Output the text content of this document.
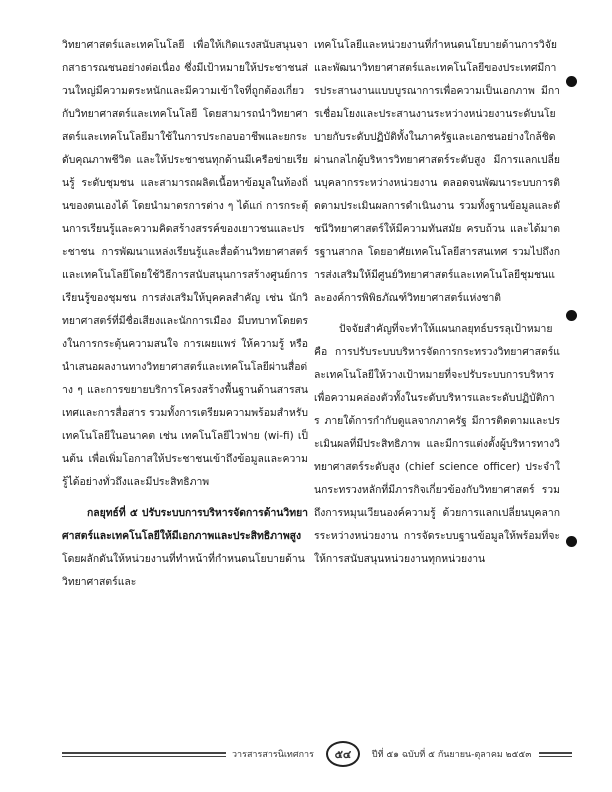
วิทยาศาสตร์และเทคโนโลยี เพื่อให้เกิดแรงสนับสนุนจากสาธารณชนอย่างต่อเนื่อง ซึ่งมีเป้าหมายให้ประชาชนส่วนใหญ่มีความตระหนักและมีความเข้าใจที่ถูกต้องเกี่ยวกับวิทยาศาสตร์และเทคโนโลยี โดยสามารถนำวิทยาศาสตร์และเทคโนโลยีมาใช้ในการประกอบอาชีพและยกระดับคุณภาพชีวิต และให้ประชาชนทุกด้านมีเครือข่ายเรียนรู้ ระดับชุมชน และสามารถผลิตเนื้อหาข้อมูลในท้องถิ่นของตนเองได้ โดยนำมาตรการต่าง ๆ ได้แก่ การกระตุ้นการเรียนรู้และความคิดสร้างสรรค์ของเยาวชนและประชาชน การพัฒนาแหล่งเรียนรู้และสื่อด้านวิทยาศาสตร์และเทคโนโลยีโดยใช้วิธีการสนับสนุนการสร้างศูนย์การเรียนรู้ของชุมชน การส่งเสริมให้บุคคลสำคัญ เช่น นักวิทยาศาสตร์ที่มีชื่อเสียงและนักการเมือง มีบทบาทโดยตรงในการกระตุ้นความสนใจ การเผยแพร่ ให้ความรู้ หรือนำเสนอผลงานทางวิทยาศาสตร์และเทคโนโลยีผ่านสื่อต่าง ๆ และการขยายบริการโครงสร้างพื้นฐานด้านสารสนเทศและการสื่อสาร รวมทั้งการเตรียมความพร้อมสำหรับเทคโนโลยีในอนาคต เช่น เทคโนโลยีไวฟาย (wi-fi) เป็นต้น เพื่อเพิ่มโอกาสให้ประชาชนเข้าถึงข้อมูลและความรู้ได้อย่างทั่วถึงและมีประสิทธิภาพ

กลยุทธ์ที่ ๕ ปรับระบบการบริหารจัดการด้านวิทยาศาสตร์และเทคโนโลยีให้มีเอกภาพและประสิทธิภาพสูง โดยผลักดันให้หน่วยงานที่ทำหน้าที่กำหนดนโยบายด้านวิทยาศาสตร์และ

เทคโนโลยีและหน่วยงานที่กำหนดนโยบายด้านการวิจัยและพัฒนาวิทยาศาสตร์และเทคโนโลยีของประเทศมีการประสานงานแบบบูรณาการเพื่อความเป็นเอกภาพ มีการเชื่อมโยงและประสานงานระหว่างหน่วยงานระดับนโยบายกับระดับปฏิบัติทั้งในภาครัฐและเอกชนอย่างใกล้ชิดผ่านกลไกผู้บริหารวิทยาศาสตร์ระดับสูง มีการแลกเปลี่ยนบุคลากรระหว่างหน่วยงาน ตลอดจนพัฒนาระบบการติดตามประเมินผลการดำเนินงาน รวมทั้งฐานข้อมูลและดัชนีวิทยาศาสตร์ให้มีความทันสมัย ครบถ้วน และได้มาตรฐานสากล โดยอาศัยเทคโนโลยีสารสนเทศ รวมไปถึงการส่งเสริมให้มีศูนย์วิทยาศาสตร์และเทคโนโลยีชุมชนและองค์การพิพิธภัณฑ์วิทยาศาสตร์แห่งชาติ

ปัจจัยสำคัญที่จะทำให้แผนกลยุทธ์บรรลุเป้าหมาย คือ การปรับระบบบริหารจัดการกระทรวงวิทยาศาสตร์และเทคโนโลยีให้วางเป้าหมายที่จะปรับระบบการบริหาร เพื่อความคล่องตัวทั้งในระดับบริหารและระดับปฏิบัติการ ภายใต้การกำกับดูแลจากภาครัฐ มีการติดตามและประเมินผลที่มีประสิทธิภาพ และมีการแต่งตั้งผู้บริหารทางวิทยาศาสตร์ระดับสูง (chief science officer) ประจำในกระทรวงหลักที่มีภารกิจเกี่ยวข้องกับวิทยาศาสตร์ รวมถึงการหมุนเวียนองค์ความรู้ ด้วยการแลกเปลี่ยนบุคลากรระหว่างหน่วยงาน การจัดระบบฐานข้อมูลให้พร้อมที่จะให้การสนับสนุนหน่วยงานทุกหน่วยงาน

วารสารสารนิเทศการ ๕๔ ปีที่ ๕๑ ฉบับที่ ๕ กันยายน-ตุลาคม ๒๕๕๓
